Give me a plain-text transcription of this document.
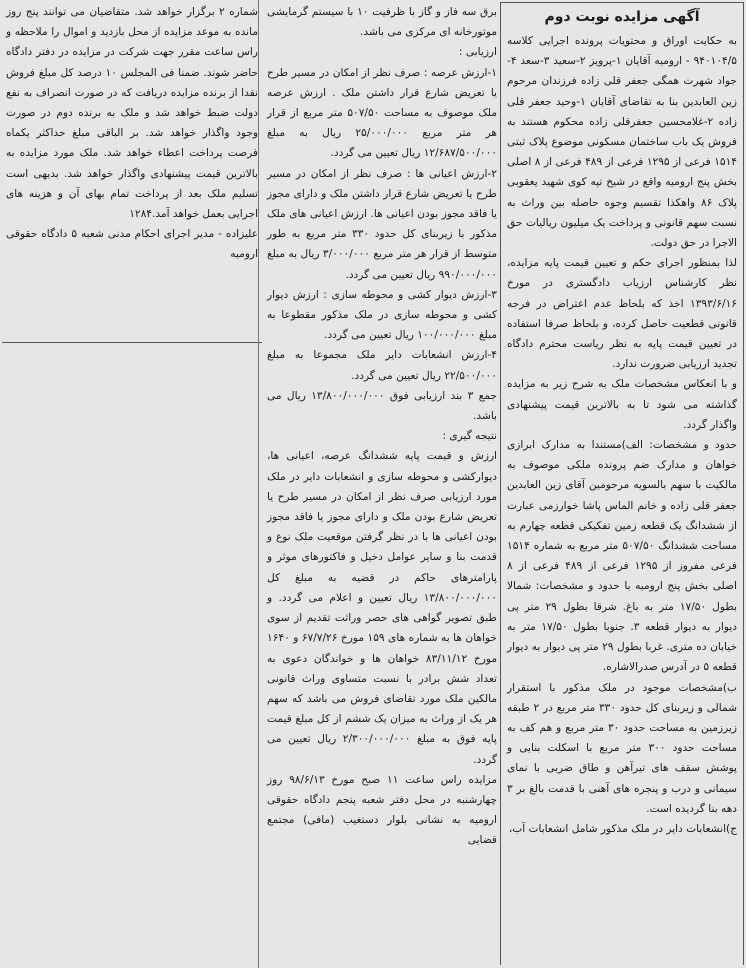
آگهی مزایده نوبت دوم

به حکایت اوراق و محتویات پرونده اجرایی کلاسه ۹۴۰۱۰۴/۵ - ارومیه آقایان ۱-پرویز ۲-سعید ۳-سعد ۴-جواد شهرت همگی جعفر قلی زاده فرزندان مرحوم زین العابدین بنا به تقاضای آقایان ۱-وحید جعفر قلی زاده ۲-غلامحسین جعفرقلی زاده محکوم هستند به فروش یک باب ساختمان مسکونی موضوع پلاک ثبتی ۱۵۱۴ فرعی از ۱۲۹۵ فرعی از ۴۸۹ فرعی از ۸ اصلی بخش پنج ارومیه واقع در شیخ تپه کوی شهید یعقوبی پلاک ۸۶ واهکذا تقسیم وجوه حاصله بین وراث به نسبت سهم قانونی و پرداخت یک میلیون ریالیات حق الاجرا در حق دولت.

لذا بمنظور اجرای حکم و تعیین قیمت پایه مزایده، نظر کارشناس ارزیاب دادگستری در مورخ ۱۳۹۳/۶/۱۶ اخذ که بلحاظ عدم اعتراض در فرجه قانونی قطعیت حاصل کرده، و بلحاظ صرفا استفاده در تعیین قیمت پایه به نظر ریاست محترم دادگاه تجدید ارزیابی ضرورت ندارد.

و با انعکاس مشخصات ملک به شرح زیر به مزایده گذاشته می شود تا به بالاترین قیمت پیشنهادی واگذار گردد.

حدود و مشخصات: الف)مستندا به مدارک ابرازی خواهان و مدارک ضم پرونده ملکی موصوف به مالکیت با سهم بالسویه مرحومین آقای زین العابدین جعفر قلی زاده و خانم الماس پاشا خوارزمی عبارت از ششدانگ یک قطعه زمین تفکیکی قطعه چهارم به مساحت ششدانگ ۵۰۷/۵۰ متر مربع به شماره ۱۵۱۴ فرعی مفروز از ۱۲۹۵ فرعی از ۴۸۹ فرعی از ۸ اصلی بخش پنج ارومیه با حدود و مشخصات: شمالا بطول ۱۷/۵۰ متر به باغ. شرقا بطول ۲۹ متر پی دیوار به دیوار قطعه ۳. جنوبا بطول ۱۷/۵۰ متر به خیابان ده متری. غربا بطول ۲۹ متر پی دیوار به دیوار قطعه ۵ در آدرس صدرالاشاره.

ب)مشخصات موجود در ملک مذکور با استقرار شمالی و زیربنای کل حدود ۳۳۰ متر مربع در ۲ طبقه زیرزمین به مساحت حدود ۳۰ متر مربع و هم کف به مساحت حدود ۳۰۰ متر مربع با اسکلت بنایی و پوشش سقف های تیرآهن و طاق ضربی با نمای سیمانی و درب و پنجره های آهنی با قدمت بالغ بر ۳ دهه بنا گردیده است.

ج)انشعابات دایر در ملک مذکور شامل انشعابات آب،

برق سه فاز و گاز با ظرفیت ۱۰ با سیستم گرمایشی موتورخانه ای مرکزی می باشد.

ارزیابی :

۱-ارزش عرصه : صرف نظر از امکان در مسیر طرح یا تعریض شارع قرار داشتن ملک . ارزش عرصه ملک موصوف به مساحت ۵۰۷/۵۰ متر مربع از قرار هر متر مربع ۲۵/۰۰۰/۰۰۰ ریال به مبلغ ۱۲/۶۸۷/۵۰۰/۰۰۰ ریال تعیین می گردد.

۲-ارزش اعیانی ها : صرف نظر از امکان در مسیر طرح یا تعریض شارع قرار داشتن ملک و دارای مجوز یا فاقد مجوز بودن اعیانی ها. ارزش اعیانی های ملک مذکور با زیربنای کل حدود ۳۳۰ متر مربع به طور متوسط از قرار هر متر مربع ۳/۰۰۰/۰۰۰ ریال به مبلغ ۹۹۰/۰۰۰/۰۰۰ ریال تعیین می گردد.

۳-ارزش دیوار کشی و محوطه سازی : ارزش دیوار کشی و محوطه سازی در ملک مذکور مقطوعا به مبلغ ۱۰۰/۰۰۰/۰۰۰ ریال تعیین می گردد.

۴-ارزش انشعابات دایر ملک مجموعا به مبلغ ۲۲/۵۰۰/۰۰۰ ریال تعیین می گردد.

جمع ۳ بند ارزیابی فوق ۱۳/۸۰۰/۰۰۰/۰۰۰ ریال می باشد.

نتیجه گیری :

ارزش و قیمت پایه ششدانگ عرصه، اعیانی ها، دیوارکشی و محوطه سازی و انشعابات دایر در ملک مورد ارزیابی صرف نظر از امکان در مسیر طرح یا تعریض شارع بودن ملک و دارای مجوز یا فاقد مجوز بودن اعیانی ها با در نظر گرفتن موقعیت ملک نوع و قدمت بنا و سایر عوامل دخیل و فاکتورهای موثر و پارامترهای حاکم در قضیه به مبلغ کل ۱۳/۸۰۰/۰۰۰/۰۰۰ ریال تعیین و اعلام می گردد. و طبق تصویر گواهی های حصر وراثت تقدیم از سوی خواهان ها به شماره های ۱۵۹ مورخ ۶۷/۷/۲۶ و ۱۶۴۰ مورخ ۸۳/۱۱/۱۲ خواهان ها و خواندگان دعوی به تعداد شش برادر با نسبت متساوی وراث قانونی مالکین ملک مورد تقاضای فروش می باشد که سهم هر یک از وراث به میزان یک ششم از کل مبلغ قیمت پایه فوق به مبلغ ۲/۳۰۰/۰۰۰/۰۰۰ ریال تعیین می گردد.

مزایده راس ساعت ۱۱ صبح مورخ ۹۸/۶/۱۳ روز چهارشنبه در محل دفتر شعبه پنجم دادگاه حقوقی ارومیه به نشانی بلوار دستغیب (مافی) مجتمع قضایی

شماره ۲ برگزار خواهد شد. متقاضیان می توانند پنج روز مانده به موعد مزایده از محل بازدید و اموال را ملاحظه و راس ساعت مقرر جهت شرکت در مزایده در دفتر دادگاه حاضر شوند. ضمنا فی المجلس ۱۰ درصد کل مبلغ فروش نقدا از برنده مزایده دریافت که در صورت انصراف به نفع دولت ضبط خواهد شد و ملک به برنده دوم در صورت وجود واگذار خواهد شد. بر الباقی مبلغ حداکثر یکماه فرصت پرداخت اعطاء خواهد شد. ملک مورد مزایده به بالاترین قیمت پیشنهادی واگذار خواهد شد. بدیهی است تسلیم ملک بعد از پرداخت تمام بهای آن و هزینه های اجرایی بعمل خواهد آمد.۱۲۸۴

علیزاده - مدیر اجرای احکام مدنی شعبه ۵ دادگاه حقوقی ارومیه
